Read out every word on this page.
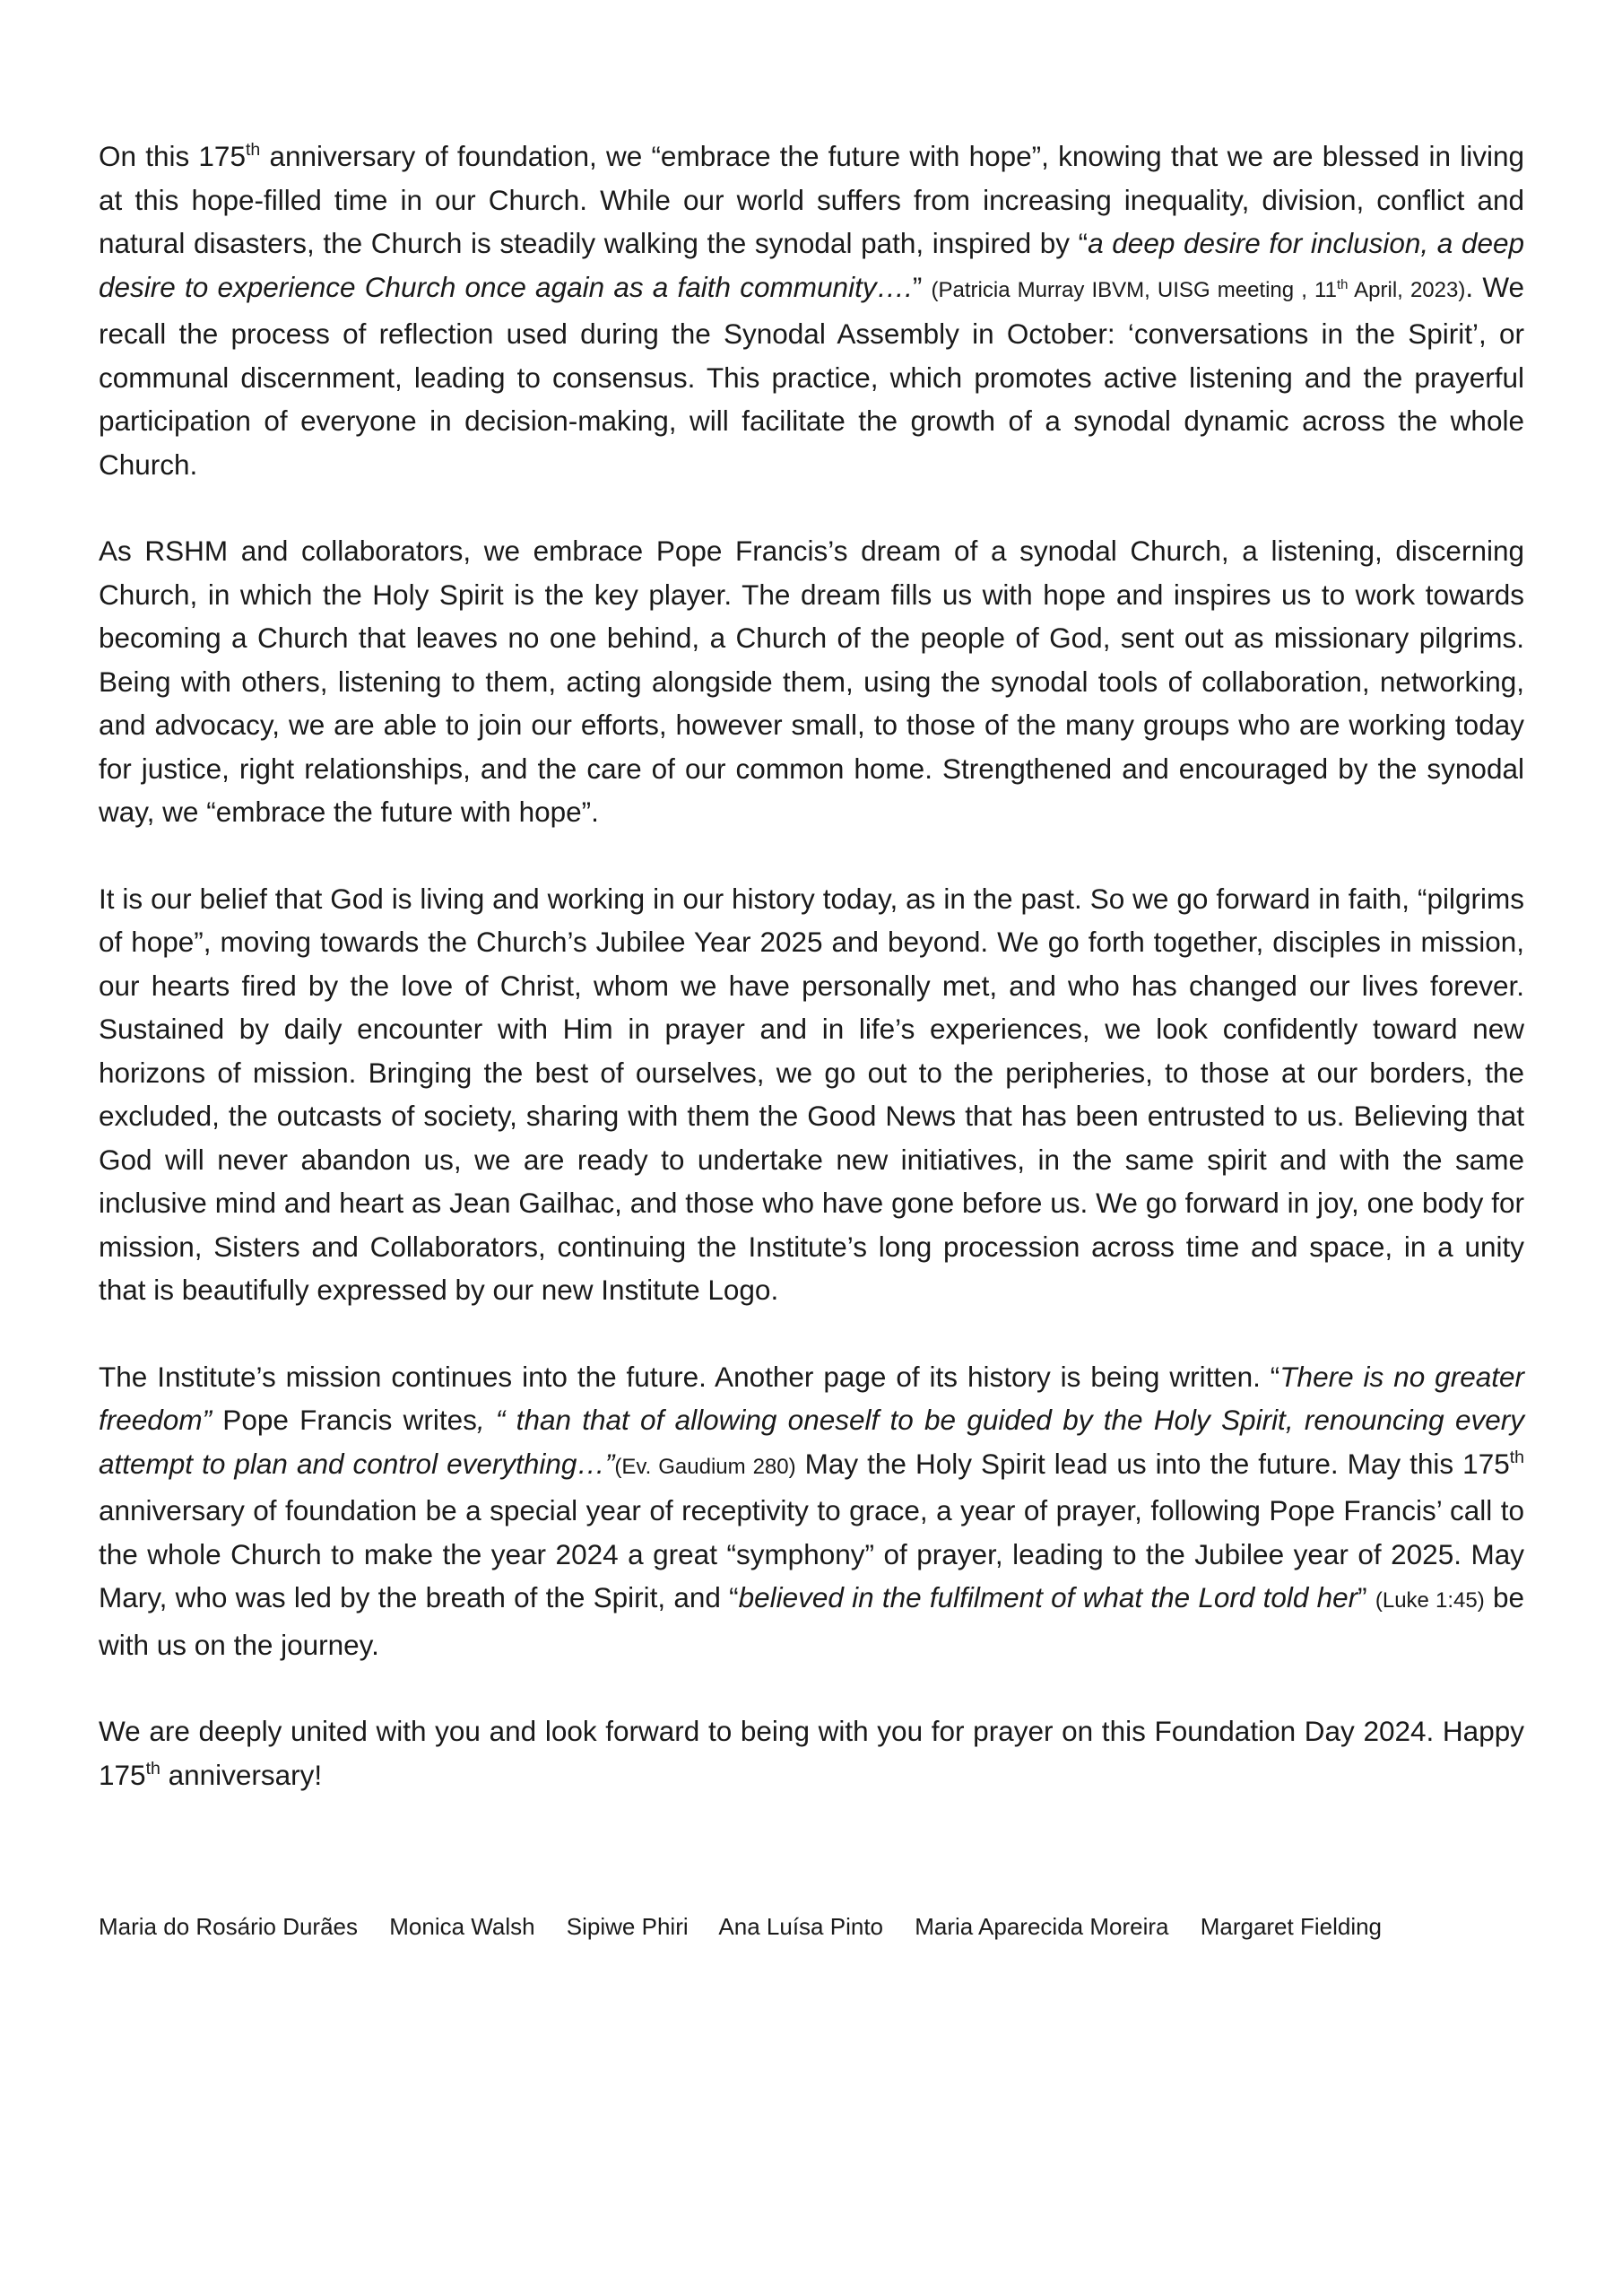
On this 175th anniversary of foundation, we “embrace the future with hope”, knowing that we are blessed in living at this hope-filled time in our Church. While our world suffers from increasing inequality, division, conflict and natural disasters, the Church is steadily walking the synodal path, inspired by “a deep desire for inclusion, a deep desire to experience Church once again as a faith community….” (Patricia Murray IBVM, UISG meeting , 11th April, 2023). We recall the process of reflection used during the Synodal Assembly in October: ‘conversations in the Spirit’, or communal discernment, leading to consensus. This practice, which promotes active listening and the prayerful participation of everyone in decision-making, will facilitate the growth of a synodal dynamic across the whole Church.

As RSHM and collaborators, we embrace Pope Francis’s dream of a synodal Church, a listening, discerning Church, in which the Holy Spirit is the key player. The dream fills us with hope and inspires us to work towards becoming a Church that leaves no one behind, a Church of the people of God, sent out as missionary pilgrims. Being with others, listening to them, acting alongside them, using the synodal tools of collaboration, networking, and advocacy, we are able to join our efforts, however small, to those of the many groups who are working today for justice, right relationships, and the care of our common home. Strengthened and encouraged by the synodal way, we “embrace the future with hope”.

It is our belief that God is living and working in our history today, as in the past. So we go forward in faith, “pilgrims of hope”, moving towards the Church’s Jubilee Year 2025 and beyond. We go forth together, disciples in mission, our hearts fired by the love of Christ, whom we have personally met, and who has changed our lives forever. Sustained by daily encounter with Him in prayer and in life’s experiences, we look confidently toward new horizons of mission. Bringing the best of ourselves, we go out to the peripheries, to those at our borders, the excluded, the outcasts of society, sharing with them the Good News that has been entrusted to us. Believing that God will never abandon us, we are ready to undertake new initiatives, in the same spirit and with the same inclusive mind and heart as Jean Gailhac, and those who have gone before us. We go forward in joy, one body for mission, Sisters and Collaborators, continuing the Institute’s long procession across time and space, in a unity that is beautifully expressed by our new Institute Logo.

The Institute’s mission continues into the future. Another page of its history is being written. “There is no greater freedom” Pope Francis writes, “ than that of allowing oneself to be guided by the Holy Spirit, renouncing every attempt to plan and control everything…”(Ev. Gaudium 280) May the Holy Spirit lead us into the future. May this 175th anniversary of foundation be a special year of receptivity to grace, a year of prayer, following Pope Francis’ call to the whole Church to make the year 2024 a great “symphony” of prayer, leading to the Jubilee year of 2025. May Mary, who was led by the breath of the Spirit, and “believed in the fulfilment of what the Lord told her” (Luke 1:45) be with us on the journey.

We are deeply united with you and look forward to being with you for prayer on this Foundation Day 2024. Happy 175th anniversary!

Maria do Rosário Durães Monica Walsh Sipiwe Phiri Ana Luísa Pinto Maria Aparecida Moreira Margaret Fielding
